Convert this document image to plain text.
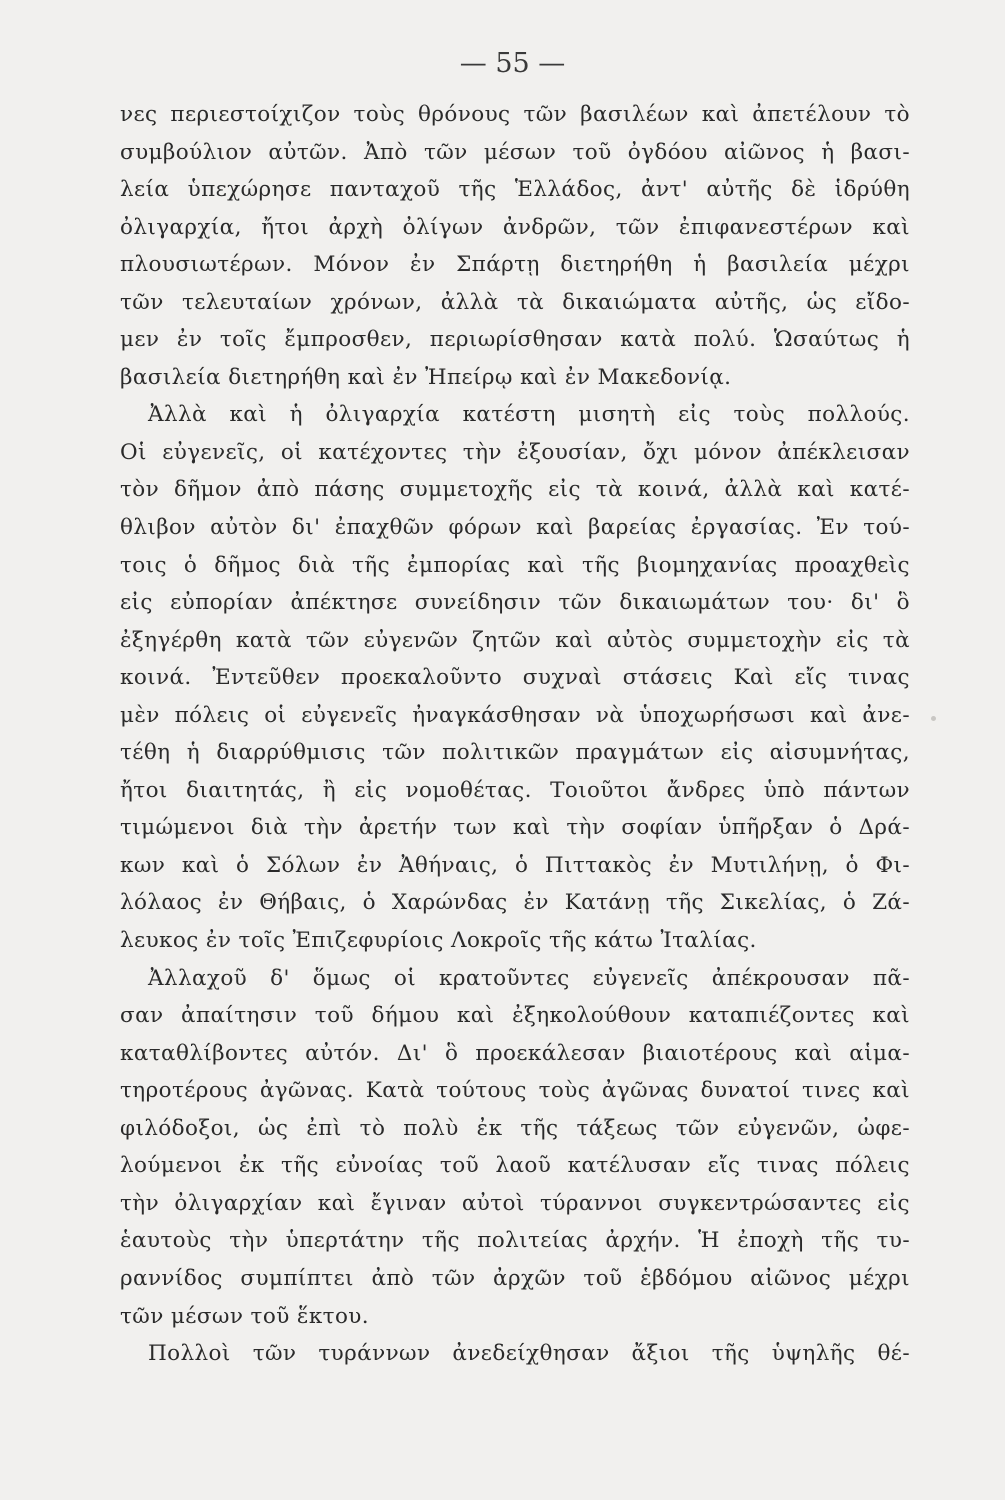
— 55 —
νες περιεστοίχιζον τοὺς θρόνους τῶν βασιλέων καὶ ἀπετέλουν τὸ
συμβούλιον αὐτῶν. Ἀπὸ τῶν μέσων τοῦ ὀγδόου αἰῶνος ἡ βασι-
λεία ὑπεχώρησε πανταχοῦ τῆς Ἑλλάδος, ἀντ' αὐτῆς δὲ ἱδρύθη
ὀλιγαρχία, ἤτοι ἀρχὴ ὀλίγων ἀνδρῶν, τῶν ἐπιφανεστέρων καὶ
πλουσιωτέρων. Μόνον ἐν Σπάρτῃ διετηρήθη ἡ βασιλεία μέχρι
τῶν τελευταίων χρόνων, ἀλλὰ τὰ δικαιώματα αὐτῆς, ὡς εἴδο-
μεν ἐν τοῖς ἔμπροσθεν, περιωρίσθησαν κατὰ πολύ. Ὡσαύτως ἡ
βασιλεία διετηρήθη καὶ ἐν Ἠπείρῳ καὶ ἐν Μακεδονίᾳ.
Ἀλλὰ καὶ ἡ ὀλιγαρχία κατέστη μισητὴ εἰς τοὺς πολλούς.
Οἱ εὐγενεῖς, οἱ κατέχοντες τὴν ἐξουσίαν, ὄχι μόνον ἀπέκλεισαν
τὸν δῆμον ἀπὸ πάσης συμμετοχῆς εἰς τὰ κοινά, ἀλλὰ καὶ κατέ-
θλιβον αὐτὸν δι' ἐπαχθῶν φόρων καὶ βαρείας ἐργασίας. Ἐν τού-
τοις ὁ δῆμος διὰ τῆς ἐμπορίας καὶ τῆς βιομηχανίας προαχθεὶς
εἰς εὐπορίαν ἀπέκτησε συνείδησιν τῶν δικαιωμάτων του· δι' ὃ
ἐξηγέρθη κατὰ τῶν εὐγενῶν ζητῶν καὶ αὐτὸς συμμετοχὴν εἰς τὰ
κοινά. Ἐντεῦθεν προεκαλοῦντο συχναὶ στάσεις Καὶ εἴς τινας
μὲν πόλεις οἱ εὐγενεῖς ἠναγκάσθησαν νὰ ὑποχωρήσωσι καὶ ἀνε-
τέθη ἡ διαρρύθμισις τῶν πολιτικῶν πραγμάτων εἰς αἰσυμνήτας,
ἤτοι διαιτητάς, ἢ εἰς νομοθέτας. Τοιοῦτοι ἄνδρες ὑπὸ πάντων
τιμώμενοι διὰ τὴν ἀρετήν των καὶ τὴν σοφίαν ὑπῆρξαν ὁ Δρά-
κων καὶ ὁ Σόλων ἐν Ἀθήναις, ὁ Πιττακὸς ἐν Μυτιλήνῃ, ὁ Φι-
λόλαος ἐν Θήβαις, ὁ Χαρώνδας ἐν Κατάνῃ τῆς Σικελίας, ὁ Ζά-
λευκος ἐν τοῖς Ἐπιζεφυρίοις Λοκροῖς τῆς κάτω Ἰταλίας.
Ἀλλαχοῦ δ' ὅμως οἱ κρατοῦντες εὐγενεῖς ἀπέκρουσαν πᾶ-
σαν ἀπαίτησιν τοῦ δήμου καὶ ἐξηκολούθουν καταπιέζοντες καὶ
καταθλίβοντες αὐτόν. Δι' ὃ προεκάλεσαν βιαιοτέρους καὶ αἱμα-
τηροτέρους ἀγῶνας. Κατὰ τούτους τοὺς ἀγῶνας δυνατοί τινες καὶ
φιλόδοξοι, ὡς ἐπὶ τὸ πολὺ ἐκ τῆς τάξεως τῶν εὐγενῶν, ὠφε-
λούμενοι ἐκ τῆς εὐνοίας τοῦ λαοῦ κατέλυσαν εἴς τινας πόλεις
τὴν ὀλιγαρχίαν καὶ ἔγιναν αὐτοὶ τύραννοι συγκεντρώσαντες εἰς
ἑαυτοὺς τὴν ὑπερτάτην τῆς πολιτείας ἀρχήν. Ἡ ἐποχὴ τῆς τυ-
ραννίδος συμπίπτει ἀπὸ τῶν ἀρχῶν τοῦ ἑβδόμου αἰῶνος μέχρι
τῶν μέσων τοῦ ἕκτου.
Πολλοὶ τῶν τυράννων ἀνεδείχθησαν ἄξιοι τῆς ὑψηλῆς θέ-
